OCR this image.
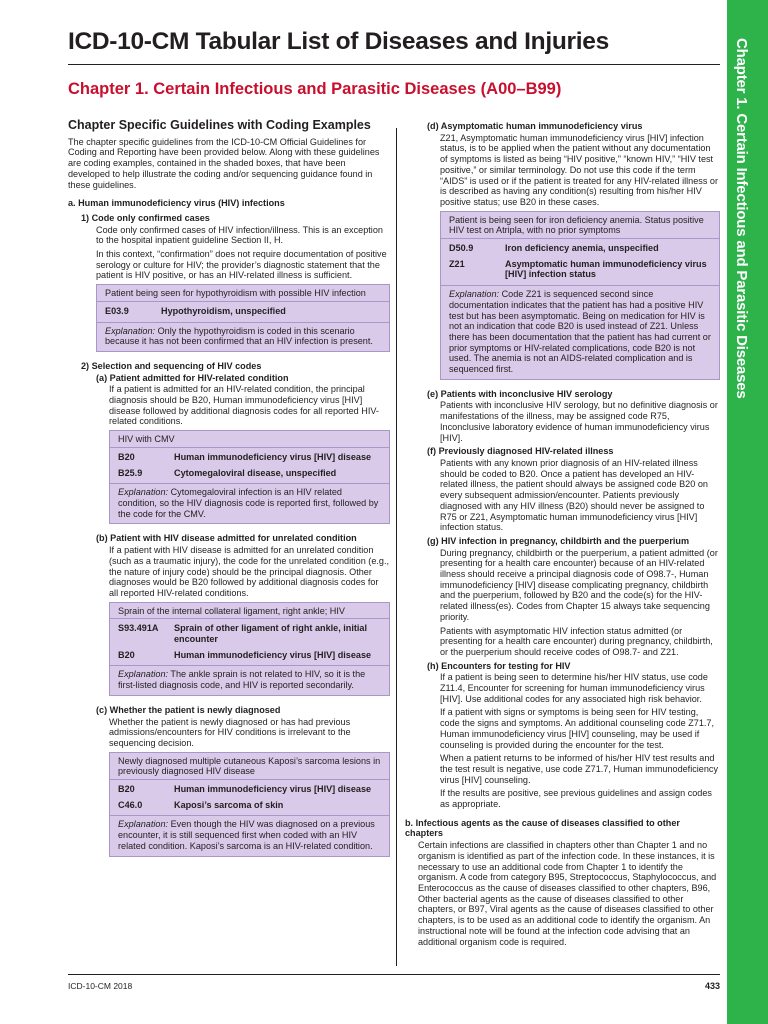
ICD-10-CM Tabular List of Diseases and Injuries
Chapter 1. Certain Infectious and Parasitic Diseases (A00–B99)	Chapter 1. Certain Infectious and Parasitic Diseases
Chapter Specific Guidelines with Coding Examples

The chapter specific guidelines from the ICD-10-CM Official Guidelines for Coding and Reporting have been provided below. Along with these guidelines are coding examples, contained in the shaded boxes, that have been developed to help illustrate the coding and/or sequencing guidance found in these guidelines.

a. Human immunodeficiency virus (HIV) infections
1) Code only confirmed cases

Code only confirmed cases of HIV infection/illness. This is an exception to the hospital inpatient guideline Section II, H.

In this context, “confirmation” does not require documentation of positive serology or culture for HIV; the provider’s diagnostic statement that the patient is HIV positive, or has an HIV-related illness is sufficient.

Patient being seen for hypothyroidism with possible HIV infection
E03.9	Hypothyroidism, unspecified
Explanation: Only the hypothyroidism is coded in this scenario because it has not been confirmed that an HIV infection is present.
2) Selection and sequencing of HIV codes
(a) Patient admitted for HIV-related condition

If a patient is admitted for an HIV-related condition, the principal diagnosis should be B20, Human immunodeficiency virus [HIV] disease followed by additional diagnosis codes for all reported HIV-related conditions.

HIV with CMV
B20	Human immunodeficiency virus [HIV] disease
B25.9	Cytomegaloviral disease, unspecified
Explanation: Cytomegaloviral infection is an HIV related condition, so the HIV diagnosis code is reported first, followed by the code for the CMV.
(b) Patient with HIV disease admitted for unrelated condition

If a patient with HIV disease is admitted for an unrelated condition (such as a traumatic injury), the code for the unrelated condition (e.g., the nature of injury code) should be the principal diagnosis. Other diagnoses would be B20 followed by additional diagnosis codes for all reported HIV-related conditions.

Sprain of the internal collateral ligament, right ankle; HIV
S93.491A	Sprain of other ligament of right ankle, initial encounter
B20	Human immunodeficiency virus [HIV] disease
Explanation: The ankle sprain is not related to HIV, so it is the first-listed diagnosis code, and HIV is reported secondarily.
(c) Whether the patient is newly diagnosed

Whether the patient is newly diagnosed or has had previous admissions/encounters for HIV conditions is irrelevant to the sequencing decision.

Newly diagnosed multiple cutaneous Kaposi’s sarcoma lesions in previously diagnosed HIV disease
B20	Human immunodeficiency virus [HIV] disease
C46.0	Kaposi’s sarcoma of skin
Explanation: Even though the HIV was diagnosed on a previous encounter, it is still sequenced first when coded with an HIV related condition. Kaposi’s sarcoma is an HIV-related condition.
(d) Asymptomatic human immunodeficiency virus

Z21, Asymptomatic human immunodeficiency virus [HIV] infection status, is to be applied when the patient without any documentation of symptoms is listed as being “HIV positive,” “known HIV,” “HIV test positive,” or similar terminology. Do not use this code if the term “AIDS” is used or if the patient is treated for any HIV-related illness or is described as having any condition(s) resulting from his/her HIV positive status; use B20 in these cases.

Patient is being seen for iron deficiency anemia. Status positive HIV test on Atripla, with no prior symptoms
D50.9	Iron deficiency anemia, unspecified
Z21	Asymptomatic human immunodeficiency virus [HIV] infection status
Explanation: Code Z21 is sequenced second since documentation indicates that the patient has had a positive HIV test but has been asymptomatic. Being on medication for HIV is not an indication that code B20 is used instead of Z21. Unless there has been documentation that the patient has had current or prior symptoms or HIV-related complications, code B20 is not used. The anemia is not an AIDS-related complication and is sequenced first.
(e) Patients with inconclusive HIV serology

Patients with inconclusive HIV serology, but no definitive diagnosis or manifestations of the illness, may be assigned code R75, Inconclusive laboratory evidence of human immunodeficiency virus [HIV].

(f) Previously diagnosed HIV-related illness

Patients with any known prior diagnosis of an HIV-related illness should be coded to B20. Once a patient has developed an HIV-related illness, the patient should always be assigned code B20 on every subsequent admission/encounter. Patients previously diagnosed with any HIV illness (B20) should never be assigned to R75 or Z21, Asymptomatic human immunodeficiency virus [HIV] infection status.

(g) HIV infection in pregnancy, childbirth and the puerperium

During pregnancy, childbirth or the puerperium, a patient admitted (or presenting for a health care encounter) because of an HIV-related illness should receive a principal diagnosis code of O98.7-, Human immunodeficiency [HIV] disease complicating pregnancy, childbirth and the puerperium, followed by B20 and the code(s) for the HIV-related illness(es). Codes from Chapter 15 always take sequencing priority.

Patients with asymptomatic HIV infection status admitted (or presenting for a health care encounter) during pregnancy, childbirth, or the puerperium should receive codes of O98.7- and Z21.

(h) Encounters for testing for HIV

If a patient is being seen to determine his/her HIV status, use code Z11.4, Encounter for screening for human immunodeficiency virus [HIV]. Use additional codes for any associated high risk behavior.

If a patient with signs or symptoms is being seen for HIV testing, code the signs and symptoms. An additional counseling code Z71.7, Human immunodeficiency virus [HIV] counseling, may be used if counseling is provided during the encounter for the test.

When a patient returns to be informed of his/her HIV test results and the test result is negative, use code Z71.7, Human immunodeficiency virus [HIV] counseling.

If the results are positive, see previous guidelines and assign codes as appropriate.

b. Infectious agents as the cause of diseases classified to other chapters

Certain infections are classified in chapters other than Chapter 1 and no organism is identified as part of the infection code. In these instances, it is necessary to use an additional code from Chapter 1 to identify the organism. A code from category B95, Streptococcus, Staphylococcus, and Enterococcus as the cause of diseases classified to other chapters, B96, Other bacterial agents as the cause of diseases classified to other chapters, or B97, Viral agents as the cause of diseases classified to other chapters, is to be used as an additional code to identify the organism. An instructional note will be found at the infection code advising that an additional organism code is required.

ICD-10-CM 2018	433
